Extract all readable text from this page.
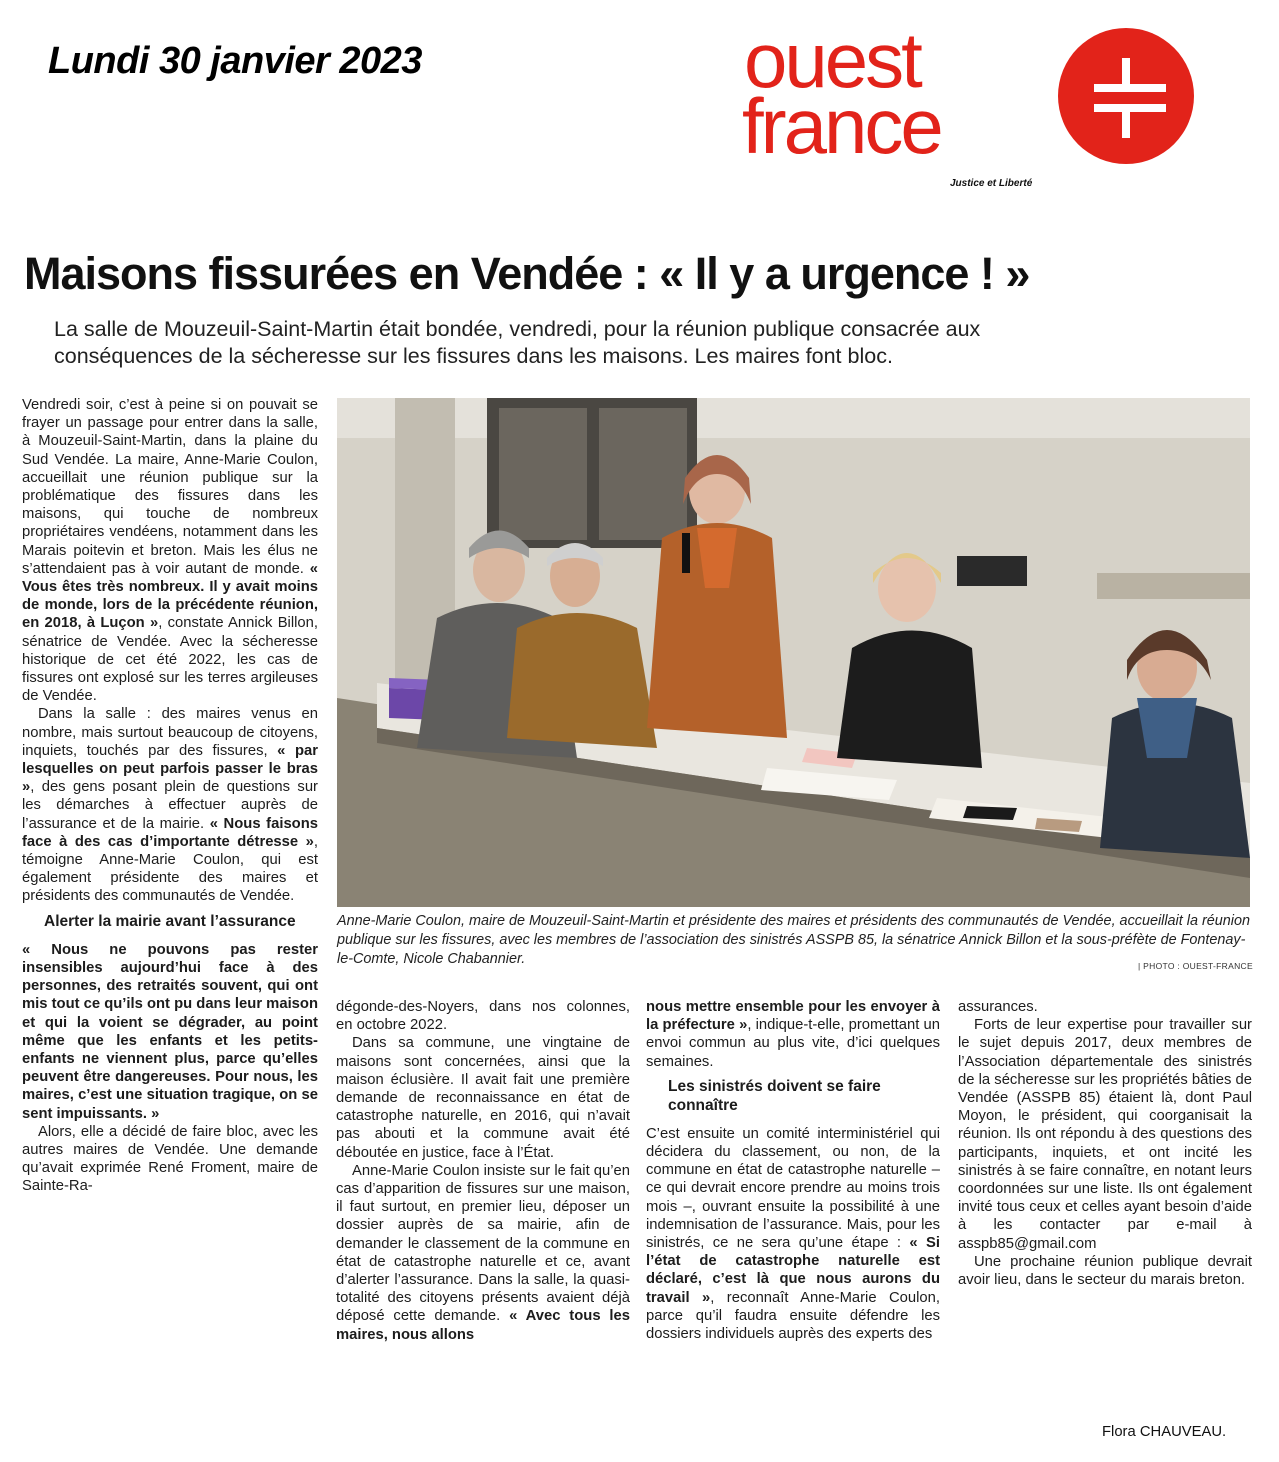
Lundi 30 janvier 2023	ouest
france
Justice et Liberté
Maisons fissurées en Vendée : « Il y a urgence ! »

La salle de Mouzeuil-Saint-Martin était bondée, vendredi, pour la réunion publique consacrée aux conséquences de la sécheresse sur les fissures dans les maisons. Les maires font bloc.

Anne-Marie Coulon, maire de Mouzeuil-Saint-Martin et présidente des maires et présidents des communautés de Vendée, accueillait la réunion publique sur les fissures, avec les membres de l’association des sinistrés ASSPB 85, la sénatrice Annick Billon et la sous-préfète de Fontenay-le-Comte, Nicole Chabannier.	| PHOTO : OUEST-FRANCE

Vendredi soir, c’est à peine si on pouvait se frayer un passage pour entrer dans la salle, à Mouzeuil-Saint-Martin, dans la plaine du Sud Vendée. La maire, Anne-Marie Coulon, accueillait une réunion publique sur la problématique des fissures dans les maisons, qui touche de nombreux propriétaires vendéens, notamment dans les Marais poitevin et breton. Mais les élus ne s’attendaient pas à voir autant de monde. « Vous êtes très nombreux. Il y avait moins de monde, lors de la précédente réunion, en 2018, à Luçon », constate Annick Billon, sénatrice de Vendée. Avec la sécheresse historique de cet été 2022, les cas de fissures ont explosé sur les terres argileuses de Vendée.

Dans la salle : des maires venus en nombre, mais surtout beaucoup de citoyens, inquiets, touchés par des fissures, « par lesquelles on peut parfois passer le bras », des gens posant plein de questions sur les démarches à effectuer auprès de l’assurance et de la mairie. « Nous faisons face à des cas d’importante détresse », témoigne Anne-Marie Coulon, qui est également présidente des maires et présidents des communautés de Vendée.

Alerter la mairie avant l’assurance

« Nous ne pouvons pas rester insensibles aujourd’hui face à des personnes, des retraités souvent, qui ont mis tout ce qu’ils ont pu dans leur maison et qui la voient se dégrader, au point même que les enfants et les petits-enfants ne viennent plus, parce qu’elles peuvent être dangereuses. Pour nous, les maires, c’est une situation tragique, on se sent impuissants. »

Alors, elle a décidé de faire bloc, avec les autres maires de Vendée. Une demande qu’avait exprimée René Froment, maire de Sainte-Ra-

dégonde-des-Noyers, dans nos colonnes, en octobre 2022.

Dans sa commune, une vingtaine de maisons sont concernées, ainsi que la maison éclusière. Il avait fait une première demande de reconnaissance en état de catastrophe naturelle, en 2016, qui n’avait pas abouti et la commune avait été déboutée en justice, face à l’État.

Anne-Marie Coulon insiste sur le fait qu’en cas d’apparition de fissures sur une maison, il faut surtout, en premier lieu, déposer un dossier auprès de sa mairie, afin de demander le classement de la commune en état de catastrophe naturelle et ce, avant d’alerter l’assurance. Dans la salle, la quasi-totalité des citoyens présents avaient déjà déposé cette demande. « Avec tous les maires, nous allons

nous mettre ensemble pour les envoyer à la préfecture », indique-t-elle, promettant un envoi commun au plus vite, d’ici quelques semaines.

Les sinistrés doivent se faire connaître

C’est ensuite un comité interministériel qui décidera du classement, ou non, de la commune en état de catastrophe naturelle – ce qui devrait encore prendre au moins trois mois –, ouvrant ensuite la possibilité à une indemnisation de l’assurance. Mais, pour les sinistrés, ce ne sera qu’une étape : « Si l’état de catastrophe naturelle est déclaré, c’est là que nous aurons du travail », reconnaît Anne-Marie Coulon, parce qu’il faudra ensuite défendre les dossiers individuels auprès des experts des

assurances.

Forts de leur expertise pour travailler sur le sujet depuis 2017, deux membres de l’Association départementale des sinistrés de la sécheresse sur les propriétés bâties de Vendée (ASSPB 85) étaient là, dont Paul Moyon, le président, qui coorganisait la réunion. Ils ont répondu à des questions des participants, inquiets, et ont incité les sinistrés à se faire connaître, en notant leurs coordonnées sur une liste. Ils ont également invité tous ceux et celles ayant besoin d’aide à les contacter par e-mail à asspb85@gmail.com

Une prochaine réunion publique devrait avoir lieu, dans le secteur du marais breton.

Flora CHAUVEAU.
